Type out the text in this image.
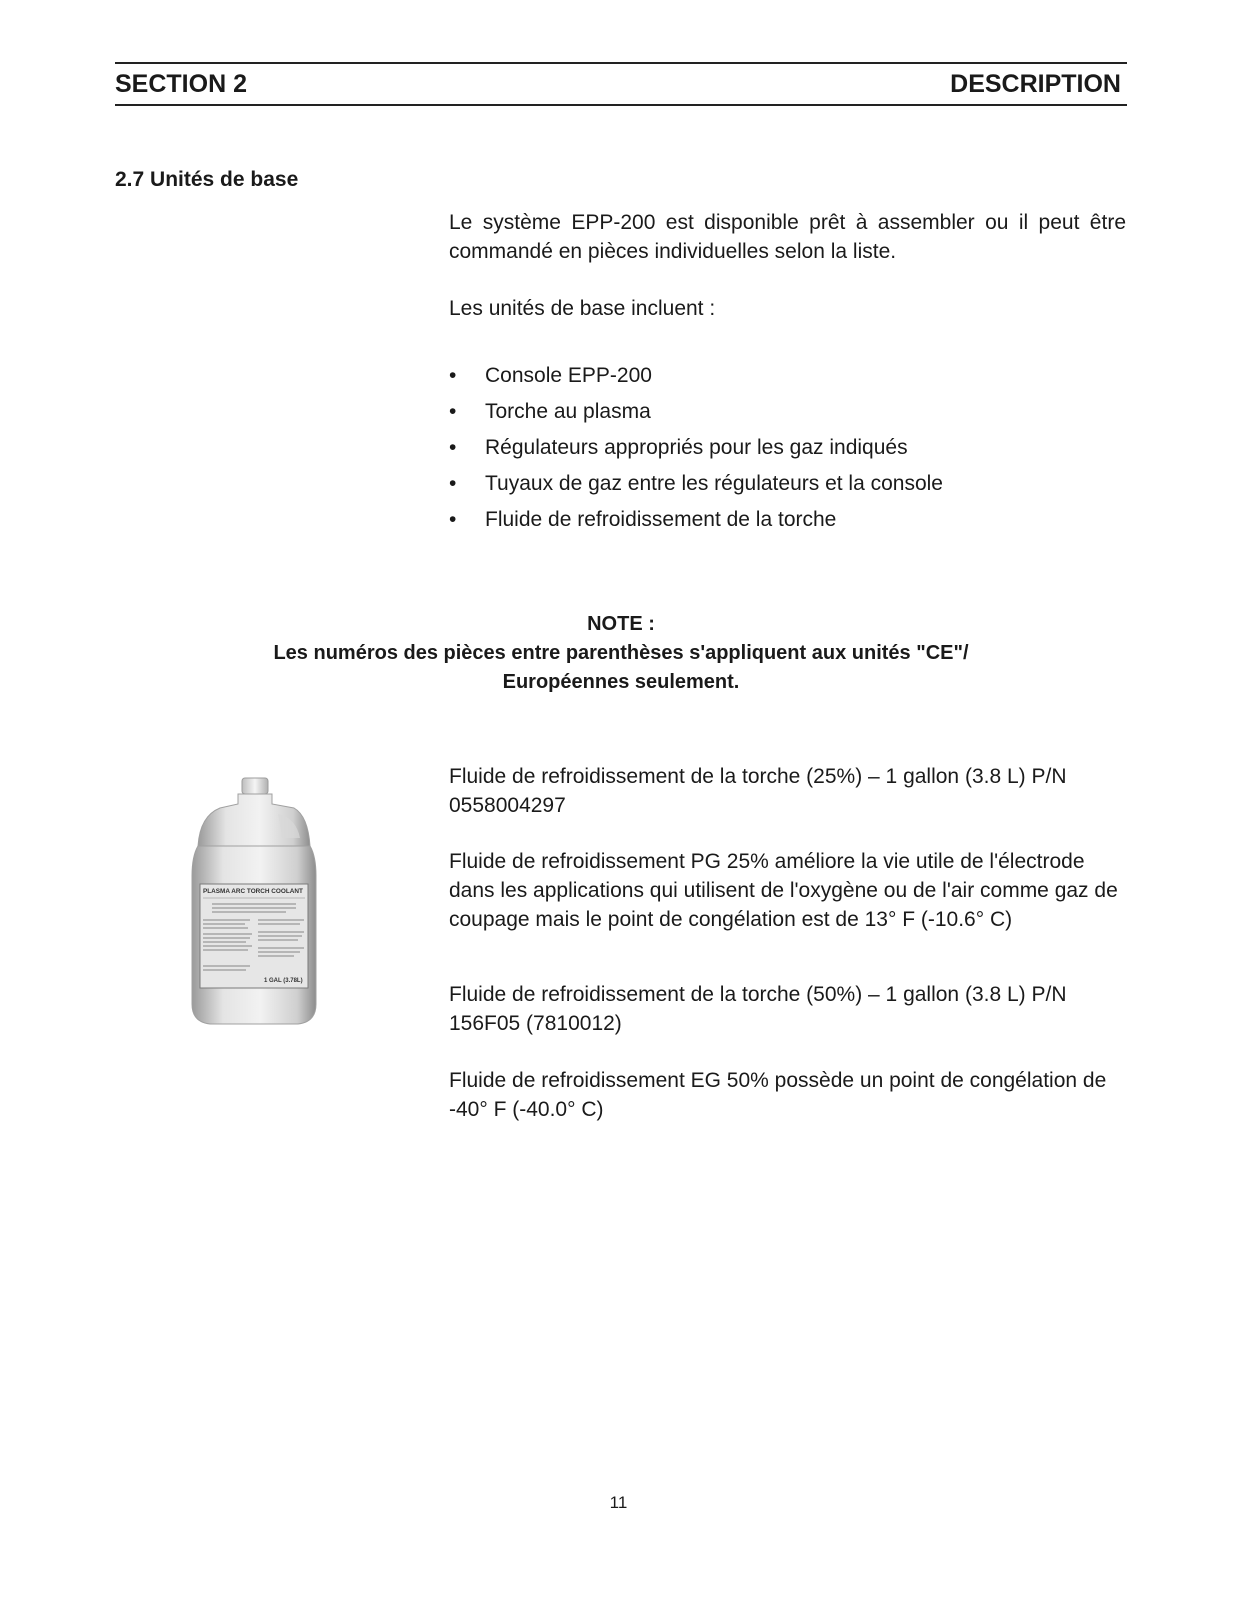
SECTION 2	DESCRIPTION
2.7 Unités de base
Le système EPP-200 est disponible prêt à assembler ou il peut être commandé en pièces individuelles selon la liste.
Les unités de base incluent :
• Console EPP-200
• Torche au plasma
• Régulateurs appropriés pour les gaz indiqués
• Tuyaux de gaz entre les régulateurs et la console
• Fluide de refroidissement de la torche
NOTE :
Les numéros des pièces entre parenthèses s'appliquent aux unités "CE"/
Européennes seulement.
PLASMA ARC TORCH COOLANT
1 GAL (3.78L)
Fluide de refroidissement de la torche (25%) – 1 gallon (3.8 L) P/N 0558004297
Fluide de refroidissement PG 25% améliore la vie utile de l'électrode dans les applications qui utilisent de l'oxygène ou de l'air comme gaz de coupage mais le point de congélation est de 13° F (-10.6° C)
Fluide de refroidissement de la torche (50%) – 1 gallon (3.8 L) P/N 156F05 (7810012)
Fluide de refroidissement EG 50% possède un point de congélation de -40° F (-40.0° C)
11
